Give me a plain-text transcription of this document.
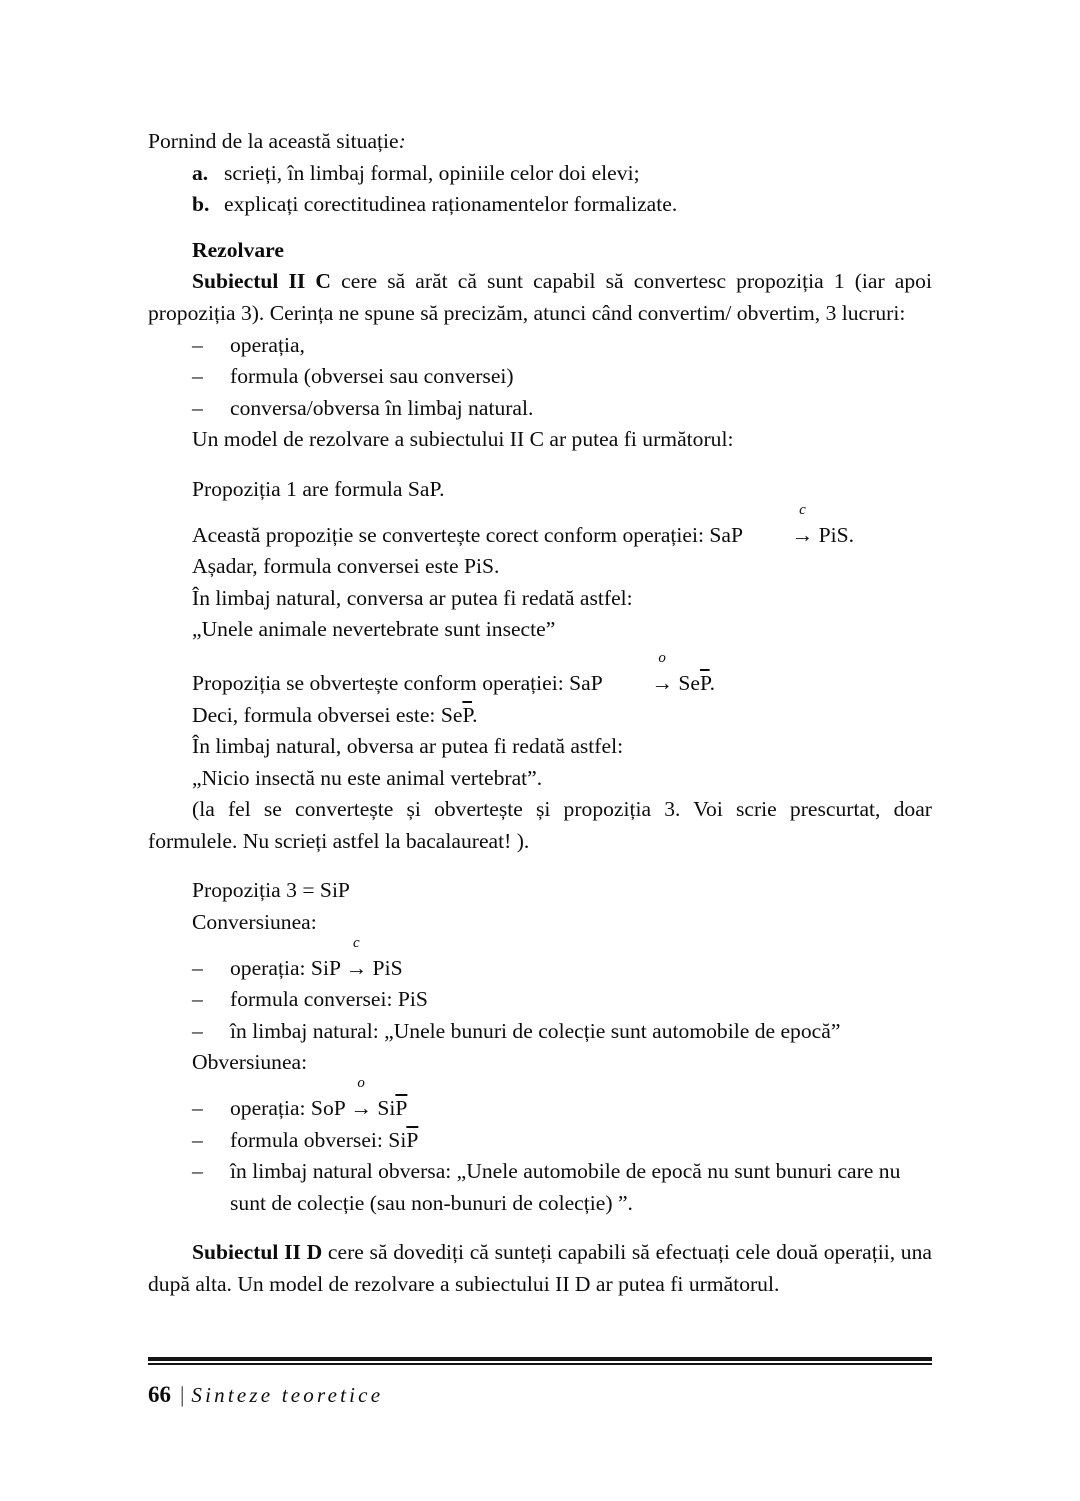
Pornind de la această situație:

a. scrieți, în limbaj formal, opiniile celor doi elevi;
b. explicați corectitudinea raționamentelor formalizate.

Rezolvare

Subiectul II C cere să arăt că sunt capabil să convertesc propoziția 1 (iar apoi propoziția 3). Cerința ne spune să precizăm, atunci când convertim/ obvertim, 3 lucruri:

–	operația,
–	formula (obversei sau conversei)
–	conversa/obversa în limbaj natural.

Un model de rezolvare a subiectului II C ar putea fi următorul:

Propoziția 1 are formula SaP.

Această propoziție se convertește corect conform operației: SaP
c
→ PiS.

Așadar, formula conversei este PiS.

În limbaj natural, conversa ar putea fi redată astfel:

„Unele animale nevertebrate sunt insecte”

Propoziția se obvertește conform operației: SaP
o
→ $Se\overline{P}$.

Deci, formula obversei este: $Se\overline{P}$.

În limbaj natural, obversa ar putea fi redată astfel:

„Nicio insectă nu este animal vertebrat”.

(la fel se convertește și obvertește și propoziția 3. Voi scrie prescurtat, doar formulele. Nu scrieți astfel la bacalaureat! ).

Propoziția 3 = SiP

Conversiunea:

–	operația: SiP
c
→ PiS
–	formula conversei: PiS
–	în limbaj natural: „Unele bunuri de colecție sunt automobile de epocă”

Obversiunea:

–	operația: SoP
o
→ $Si\overline{P}$
–	formula obversei: $Si\overline{P}$
–	în limbaj natural obversa: „Unele automobile de epocă nu sunt bunuri care nu sunt de colecție (sau non-bunuri de colecție) ”.

Subiectul II D cere să dovediți că sunteți capabili să efectuați cele două operații, una după alta. Un model de rezolvare a subiectului II D ar putea fi următorul.

66 | Sinteze teoretice
